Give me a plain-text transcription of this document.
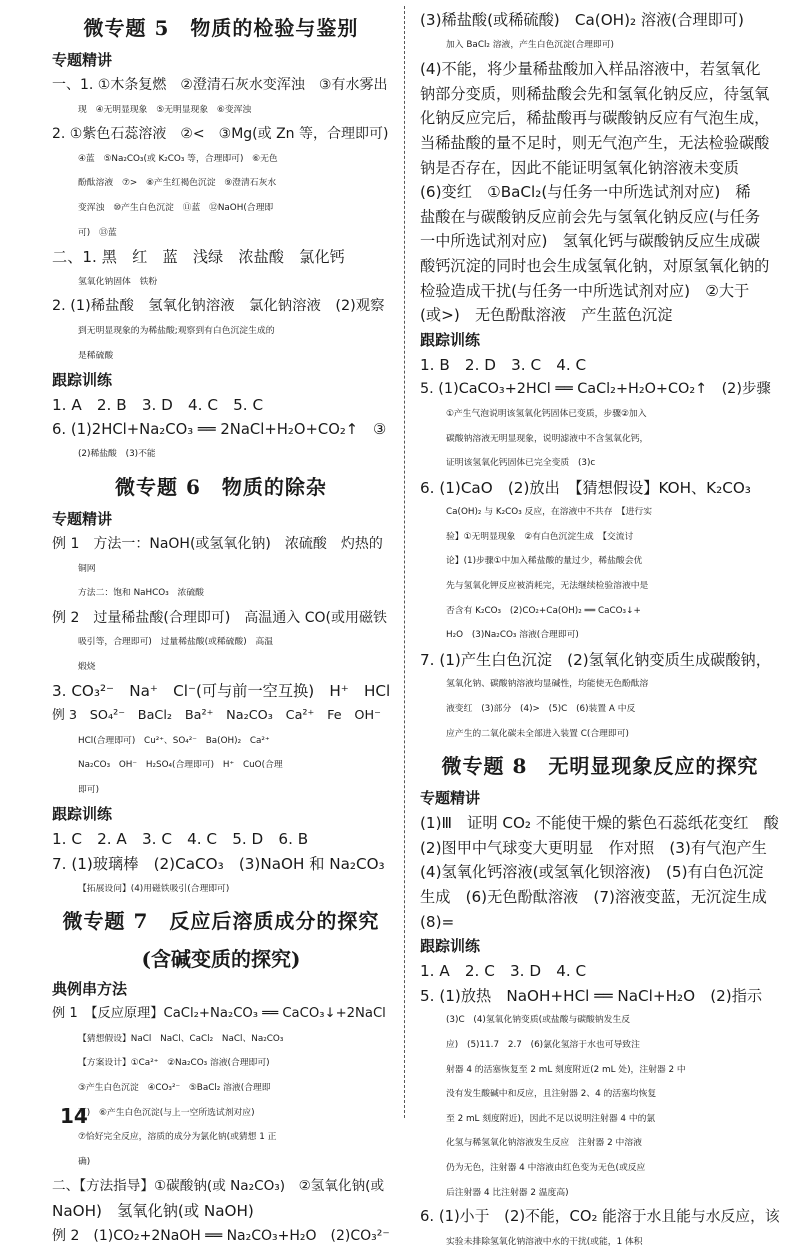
微专题 5　物质的检验与鉴别
专题精讲
一、1. ①木条复燃　②澄清石灰水变浑浊　③有水雾出
现　④无明显现象　⑤无明显现象　⑥变浑浊
2. ①紫色石蕊溶液　②<　③Mg(或 Zn 等，合理即可)
④蓝　⑤Na₂CO₃(或 K₂CO₃ 等，合理即可)　⑥无色
酚酞溶液　⑦>　⑧产生红褐色沉淀　⑨澄清石灰水
变浑浊　⑩产生白色沉淀　⑪蓝　⑫NaOH(合理即
可)　⑬蓝
二、1. 黑　红　蓝　浅绿　浓盐酸　氯化钙
氢氧化钠固体　铁粉
2. (1)稀盐酸　氢氧化钠溶液　氯化钠溶液　(2)观察
到无明显现象的为稀盐酸;观察到有白色沉淀生成的
是稀硫酸
跟踪训练
1. A　2. B　3. D　4. C　5. C
6. (1)2HCl+Na₂CO₃ ══ 2NaCl+H₂O+CO₂↑　③
(2)稀盐酸　(3)不能
微专题 6　物质的除杂
专题精讲
例 1　方法一：NaOH(或氢氧化钠)　浓硫酸　灼热的
铜网
方法二：饱和 NaHCO₃　浓硫酸
例 2　过量稀盐酸(合理即可)　高温通入 CO(或用磁铁
吸引等，合理即可)　过量稀盐酸(或稀硫酸)　高温
煅烧
3. CO₃²⁻　Na⁺　Cl⁻(可与前一空互换)　H⁺　HCl
例 3　SO₄²⁻　BaCl₂　Ba²⁺　Na₂CO₃　Ca²⁺　Fe　OH⁻
HCl(合理即可)　Cu²⁺、SO₄²⁻　Ba(OH)₂　Ca²⁺
Na₂CO₃　OH⁻　H₂SO₄(合理即可)　H⁺　CuO(合理
即可)
跟踪训练
1. C　2. A　3. C　4. C　5. D　6. B
7. (1)玻璃棒　(2)CaCO₃　(3)NaOH 和 Na₂CO₃
【拓展设问】(4)用磁铁吸引(合理即可)
微专题 7　反应后溶质成分的探究
(含碱变质的探究)
典例串方法
例 1　【反应原理】CaCl₂+Na₂CO₃ ══ CaCO₃↓+2NaCl
【猜想假设】NaCl　NaCl、CaCl₂　NaCl、Na₂CO₃
【方案设计】①Ca²⁺　②Na₂CO₃ 溶液(合理即可)
③产生白色沉淀　④CO₃²⁻　⑤BaCl₂ 溶液(合理即
可)　⑥产生白色沉淀(与上一空所选试剂对应)
⑦恰好完全反应，溶质的成分为氯化钠(或猜想 1 正
确)
二、【方法指导】①碳酸钠(或 Na₂CO₃)　②氢氧化钠(或
NaOH)　氢氧化钠(或 NaOH)
例 2　(1)CO₂+2NaOH ══ Na₂CO₃+H₂O　(2)CO₃²⁻
(3)稀盐酸(或稀硫酸)　Ca(OH)₂ 溶液(合理即可)
加入 BaCl₂ 溶液，产生白色沉淀(合理即可)
(4)不能，将少量稀盐酸加入样品溶液中，若氢氧化
钠部分变质，则稀盐酸会先和氢氧化钠反应，待氢氧
化钠反应完后，稀盐酸再与碳酸钠反应有气泡生成，
当稀盐酸的量不足时，则无气泡产生，无法检验碳酸
钠是否存在，因此不能证明氢氧化钠溶液未变质
(6)变红　①BaCl₂(与任务一中所选试剂对应)　稀
盐酸在与碳酸钠反应前会先与氢氧化钠反应(与任务
一中所选试剂对应)　氢氧化钙与碳酸钠反应生成碳
酸钙沉淀的同时也会生成氢氧化钠，对原氢氧化钠的
检验造成干扰(与任务一中所选试剂对应)　②大于
(或>)　无色酚酞溶液　产生蓝色沉淀
跟踪训练
1. B　2. D　3. C　4. C
5. (1)CaCO₃+2HCl ══ CaCl₂+H₂O+CO₂↑　(2)步骤
①产生气泡说明该氢氧化钙固体已变质，步骤②加入
碳酸钠溶液无明显现象，说明滤液中不含氢氧化钙，
证明该氢氧化钙固体已完全变质　(3)c
6. (1)CaO　(2)放出　【猜想假设】KOH、K₂CO₃
Ca(OH)₂ 与 K₂CO₃ 反应，在溶液中不共存　【进行实
验】①无明显现象　②有白色沉淀生成　【交流讨
论】(1)步骤①中加入稀盐酸的量过少，稀盐酸会优
先与氢氧化钾反应被消耗完，无法继续检验溶液中是
否含有 K₂CO₃　(2)CO₂+Ca(OH)₂ ══ CaCO₃↓+
H₂O　(3)Na₂CO₃ 溶液(合理即可)
7. (1)产生白色沉淀　(2)氢氧化钠变质生成碳酸钠，
氢氧化钠、碳酸钠溶液均显碱性，均能使无色酚酞溶
液变红　(3)部分　(4)>　(5)C　(6)装置 A 中反
应产生的二氧化碳未全部进入装置 C(合理即可)
微专题 8　无明显现象反应的探究
专题精讲
(1)Ⅲ　证明 CO₂ 不能使干燥的紫色石蕊纸花变红　酸
(2)图甲中气球变大更明显　作对照　(3)有气泡产生
(4)氢氧化钙溶液(或氢氧化钡溶液)　(5)有白色沉淀
生成　(6)无色酚酞溶液　(7)溶液变蓝，无沉淀生成
(8)=
跟踪训练
1. A　2. C　3. D　4. C
5. (1)放热　NaOH+HCl ══ NaCl+H₂O　(2)指示
(3)C　(4)氢氧化钠变质(或盐酸与碳酸钠发生反
应)　(5)11.7　2.7　(6)氯化氢溶于水也可导致注
射器 4 的活塞恢复至 2 mL 刻度附近(2 mL 处)，注射器 2 中
没有发生酸碱中和反应，且注射器 2、4 的活塞均恢复
至 2 mL 刻度附近)，因此不足以说明注射器 4 中的氯
化氢与稀氢氧化钠溶液发生反应　注射器 2 中溶液
仍为无色，注射器 4 中溶液由红色变为无色(或反应
后注射器 4 比注射器 2 温度高)
6. (1)小于　(2)不能，CO₂ 能溶于水且能与水反应，该
实验未排除氢氧化钠溶液中水的干扰(或能，1 体积
14
